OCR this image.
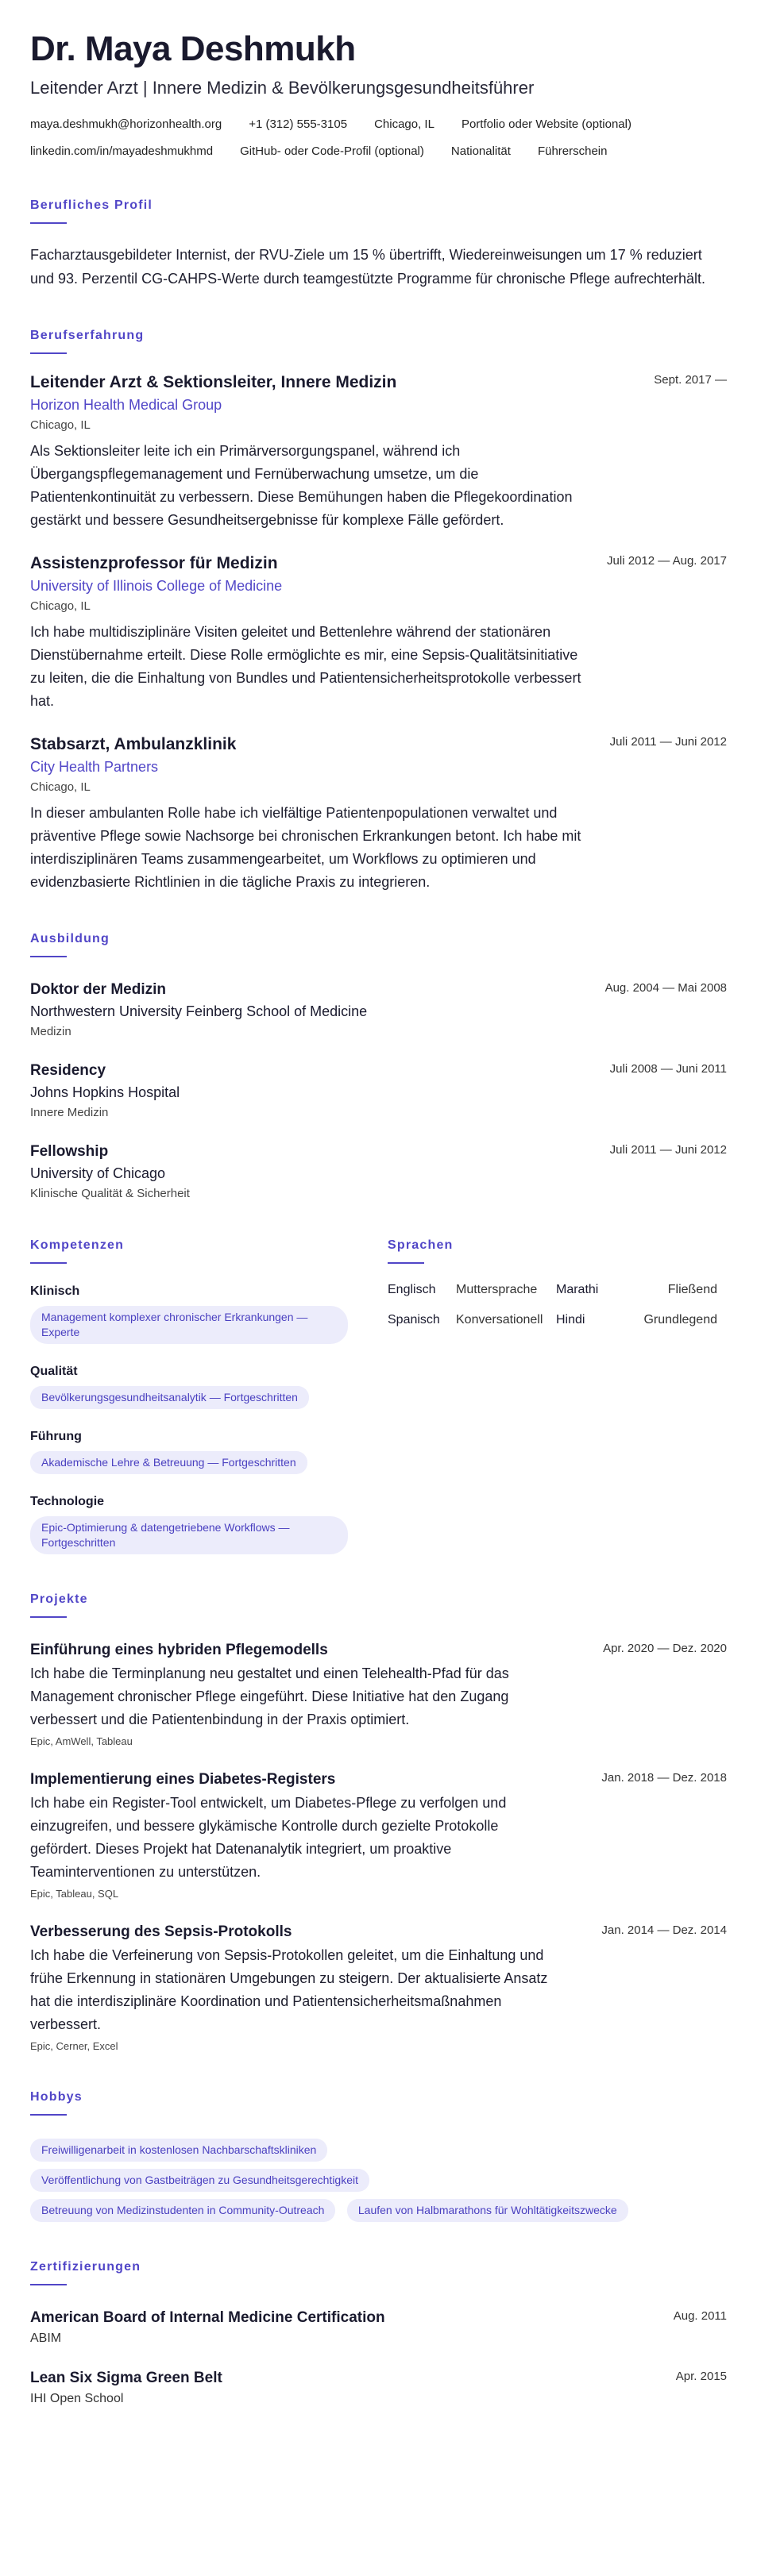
Dr. Maya Deshmukh
Leitender Arzt | Innere Medizin & Bevölkerungsgesundheitsführer
maya.deshmukh@horizonhealth.org +1 (312) 555-3105 Chicago, IL Portfolio oder Website (optional)
linkedin.com/in/mayadeshmukhmd GitHub- oder Code-Profil (optional) Nationalität Führerschein
Berufliches Profil
Facharztausgebildeter Internist, der RVU-Ziele um 15 % übertrifft, Wiedereinweisungen um 17 % reduziert und 93. Perzentil CG-CAHPS-Werte durch teamgestützte Programme für chronische Pflege aufrechterhält.
Berufserfahrung
Leitender Arzt & Sektionsleiter, Innere Medizin	Sept. 2017 —
Horizon Health Medical Group
Chicago, IL
Als Sektionsleiter leite ich ein Primärversorgungspanel, während ich Übergangspflegemanagement und Fernüberwachung umsetze, um die Patientenkontinuität zu verbessern. Diese Bemühungen haben die Pflegekoordination gestärkt und bessere Gesundheitsergebnisse für komplexe Fälle gefördert.
Assistenzprofessor für Medizin	Juli 2012 — Aug. 2017
University of Illinois College of Medicine
Chicago, IL
Ich habe multidisziplinäre Visiten geleitet und Bettenlehre während der stationären Dienstübernahme erteilt. Diese Rolle ermöglichte es mir, eine Sepsis-Qualitätsinitiative zu leiten, die die Einhaltung von Bundles und Patientensicherheitsprotokolle verbessert hat.
Stabsarzt, Ambulanzklinik	Juli 2011 — Juni 2012
City Health Partners
Chicago, IL
In dieser ambulanten Rolle habe ich vielfältige Patientenpopulationen verwaltet und präventive Pflege sowie Nachsorge bei chronischen Erkrankungen betont. Ich habe mit interdisziplinären Teams zusammengearbeitet, um Workflows zu optimieren und evidenzbasierte Richtlinien in die tägliche Praxis zu integrieren.
Ausbildung
Doktor der Medizin	Aug. 2004 — Mai 2008
Northwestern University Feinberg School of Medicine
Medizin
Residency	Juli 2008 — Juni 2011
Johns Hopkins Hospital
Innere Medizin
Fellowship	Juli 2011 — Juni 2012
University of Chicago
Klinische Qualität & Sicherheit
Kompetenzen
Klinisch
Management komplexer chronischer Erkrankungen — Experte
Qualität
Bevölkerungsgesundheitsanalytik — Fortgeschritten
Führung
Akademische Lehre & Betreuung — Fortgeschritten
Technologie
Epic-Optimierung & datengetriebene Workflows — Fortgeschritten
Sprachen
Englisch	Muttersprache	Marathi	Fließend
Spanisch	Konversationell	Hindi	Grundlegend
Projekte
Einführung eines hybriden Pflegemodells	Apr. 2020 — Dez. 2020
Ich habe die Terminplanung neu gestaltet und einen Telehealth-Pfad für das Management chronischer Pflege eingeführt. Diese Initiative hat den Zugang verbessert und die Patientenbindung in der Praxis optimiert.
Epic, AmWell, Tableau
Implementierung eines Diabetes-Registers	Jan. 2018 — Dez. 2018
Ich habe ein Register-Tool entwickelt, um Diabetes-Pflege zu verfolgen und einzugreifen, und bessere glykämische Kontrolle durch gezielte Protokolle gefördert. Dieses Projekt hat Datenanalytik integriert, um proaktive Teaminterventionen zu unterstützen.
Epic, Tableau, SQL
Verbesserung des Sepsis-Protokolls	Jan. 2014 — Dez. 2014
Ich habe die Verfeinerung von Sepsis-Protokollen geleitet, um die Einhaltung und frühe Erkennung in stationären Umgebungen zu steigern. Der aktualisierte Ansatz hat die interdisziplinäre Koordination und Patientensicherheitsmaßnahmen verbessert.
Epic, Cerner, Excel
Hobbys
Freiwilligenarbeit in kostenlosen Nachbarschaftskliniken
Veröffentlichung von Gastbeiträgen zu Gesundheitsgerechtigkeit
Betreuung von Medizinstudenten in Community-Outreach	Laufen von Halbmarathons für Wohltätigkeitszwecke
Zertifizierungen
American Board of Internal Medicine Certification	Aug. 2011
ABIM
Lean Six Sigma Green Belt	Apr. 2015
IHI Open School
